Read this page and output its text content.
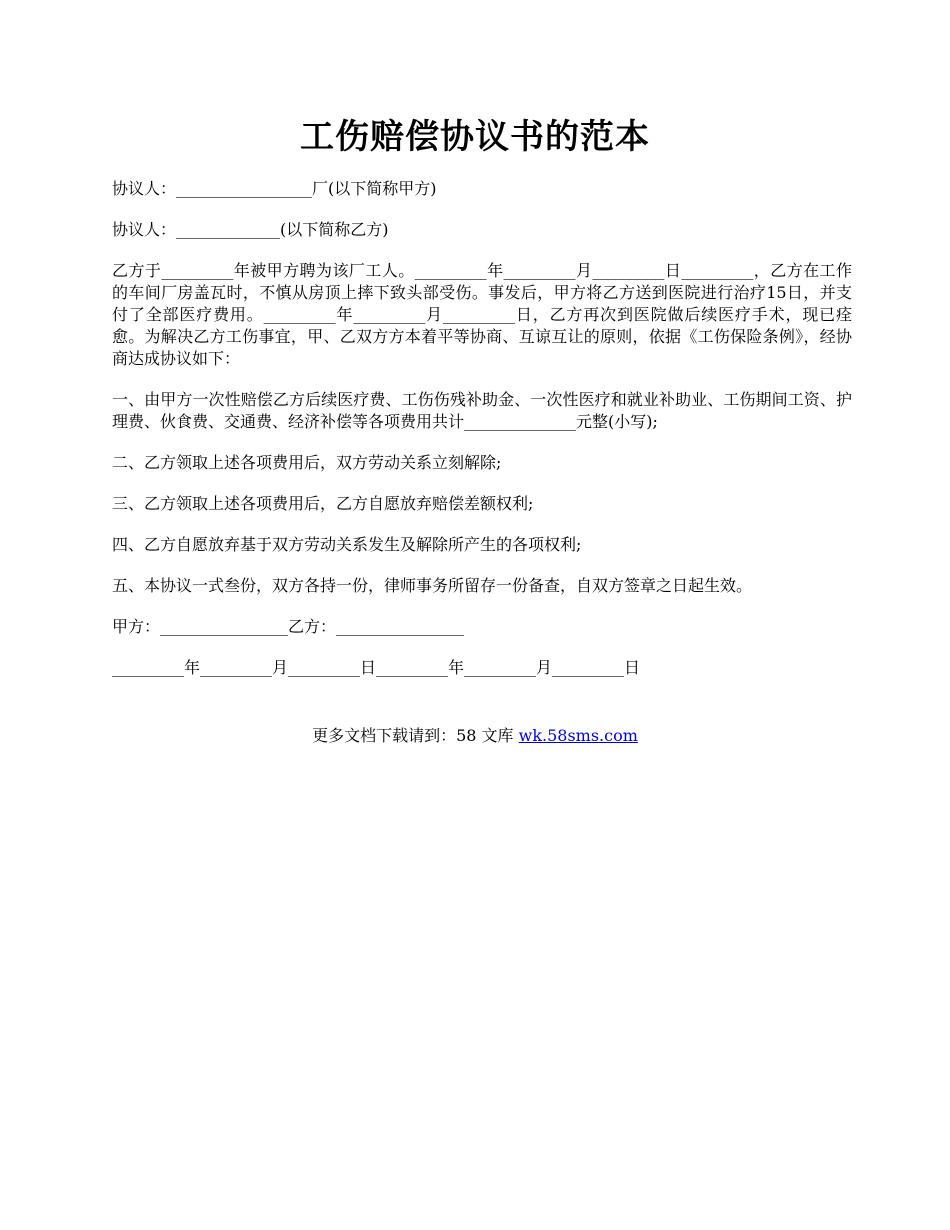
工伤赔偿协议书的范本
协议人：_________________厂(以下简称甲方)
协议人：_____________(以下简称乙方)
乙方于_________年被甲方聘为该厂工人。_________年_________月_________日_________，乙方在工作的车间厂房盖瓦时，不慎从房顶上摔下致头部受伤。事发后，甲方将乙方送到医院进行治疗15日，并支付了全部医疗费用。_________年_________月_________日，乙方再次到医院做后续医疗手术，现已痊愈。为解决乙方工伤事宜，甲、乙双方方本着平等协商、互谅互让的原则，依据《工伤保险条例》，经协商达成协议如下：
一、由甲方一次性赔偿乙方后续医疗费、工伤伤残补助金、一次性医疗和就业补助业、工伤期间工资、护理费、伙食费、交通费、经济补偿等各项费用共计______________元整(小写);
二、乙方领取上述各项费用后，双方劳动关系立刻解除;
三、乙方领取上述各项费用后，乙方自愿放弃赔偿差额权利;
四、乙方自愿放弃基于双方劳动关系发生及解除所产生的各项权利;
五、本协议一式叁份，双方各持一份，律师事务所留存一份备查，自双方签章之日起生效。
甲方：________________乙方：________________
_________年_________月_________日_________年_________月_________日
更多文档下载请到：58 文库 wk.58sms.com
